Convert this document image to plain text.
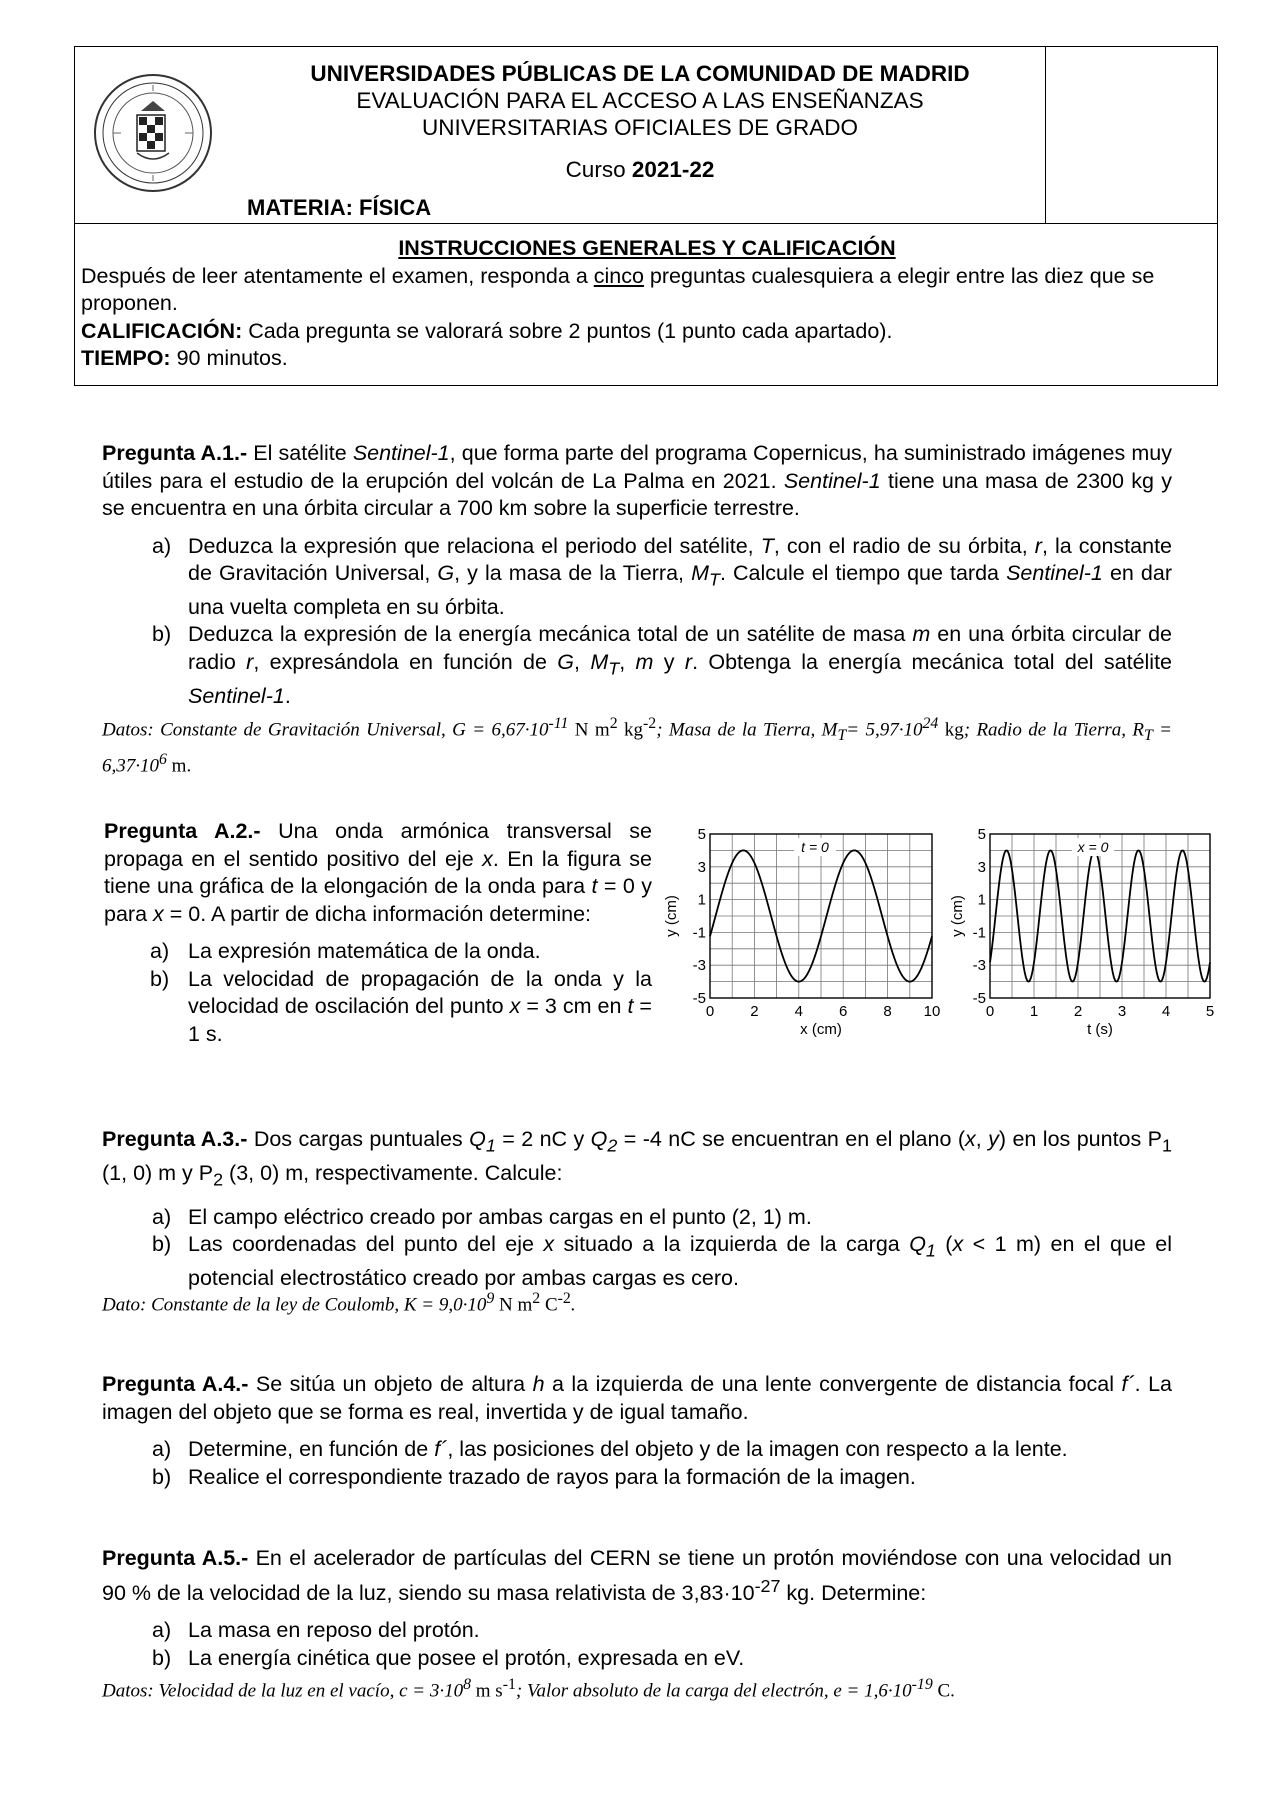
UNIVERSIDADES PÚBLICAS DE LA COMUNIDAD DE MADRID
EVALUACIÓN PARA EL ACCESO A LAS ENSEÑANZAS
UNIVERSITARIAS OFICIALES DE GRADO
Curso 2021-22
MATERIA: FÍSICA
INSTRUCCIONES GENERALES Y CALIFICACIÓN
Después de leer atentamente el examen, responda a cinco preguntas cualesquiera a elegir entre las diez que se proponen.
CALIFICACIÓN: Cada pregunta se valorará sobre 2 puntos (1 punto cada apartado).
TIEMPO: 90 minutos.
Pregunta A.1.- El satélite Sentinel-1, que forma parte del programa Copernicus, ha suministrado imágenes muy útiles para el estudio de la erupción del volcán de La Palma en 2021. Sentinel-1 tiene una masa de 2300 kg y se encuentra en una órbita circular a 700 km sobre la superficie terrestre.
a) Deduzca la expresión que relaciona el periodo del satélite, T, con el radio de su órbita, r, la constante de Gravitación Universal, G, y la masa de la Tierra, $M_T$. Calcule el tiempo que tarda Sentinel-1 en dar una vuelta completa en su órbita.
b) Deduzca la expresión de la energía mecánica total de un satélite de masa m en una órbita circular de radio r, expresándola en función de G, $M_T$, m y r. Obtenga la energía mecánica total del satélite Sentinel-1.
Datos: Constante de Gravitación Universal, $G = 6,67\cdot 10^{-11}$ N $m^2$ $kg^{-2}$; Masa de la Tierra, $M_T= 5,97\cdot 10^{24}$ kg; Radio de la Tierra, $R_T = 6,37\cdot 10^6$ m.
Pregunta A.2.- Una onda armónica transversal se propaga en el sentido positivo del eje x. En la figura se tiene una gráfica de la elongación de la onda para t = 0 y para x = 0. A partir de dicha información determine:
a) La expresión matemática de la onda.
b) La velocidad de propagación de la onda y la velocidad de oscilación del punto x = 3 cm en t = 1 s.
0 2 4 6 8 10
5
3
1
-1
-3
-5
x (cm)
y (cm)
t = 0
0 1 2 3 4 5
5
3
1
-1
-3
-5
t (s)
y (cm)
x = 0
Pregunta A.3.- Dos cargas puntuales $Q_1 = 2$ nC y $Q_2 = -4$ nC se encuentran en el plano (x, y) en los puntos $P_1$ (1, 0) m y $P_2$ (3, 0) m, respectivamente. Calcule:
a) El campo eléctrico creado por ambas cargas en el punto (2, 1) m.
b) Las coordenadas del punto del eje x situado a la izquierda de la carga $Q_1$ (x < 1 m) en el que el potencial electrostático creado por ambas cargas es cero.
Dato: Constante de la ley de Coulomb, $K = 9,0\cdot 10^9$ N $m^2$ $C^{-2}$.
Pregunta A.4.- Se sitúa un objeto de altura h a la izquierda de una lente convergente de distancia focal f´. La imagen del objeto que se forma es real, invertida y de igual tamaño.
a) Determine, en función de f´, las posiciones del objeto y de la imagen con respecto a la lente.
b) Realice el correspondiente trazado de rayos para la formación de la imagen.
Pregunta A.5.- En el acelerador de partículas del CERN se tiene un protón moviéndose con una velocidad un 90 % de la velocidad de la luz, siendo su masa relativista de $3,83\cdot 10^{-27}$ kg. Determine:
a) La masa en reposo del protón.
b) La energía cinética que posee el protón, expresada en eV.
Datos: Velocidad de la luz en el vacío, $c = 3\cdot 10^8$ m $s^{-1}$; Valor absoluto de la carga del electrón, $e = 1,6\cdot 10^{-19}$ C.
